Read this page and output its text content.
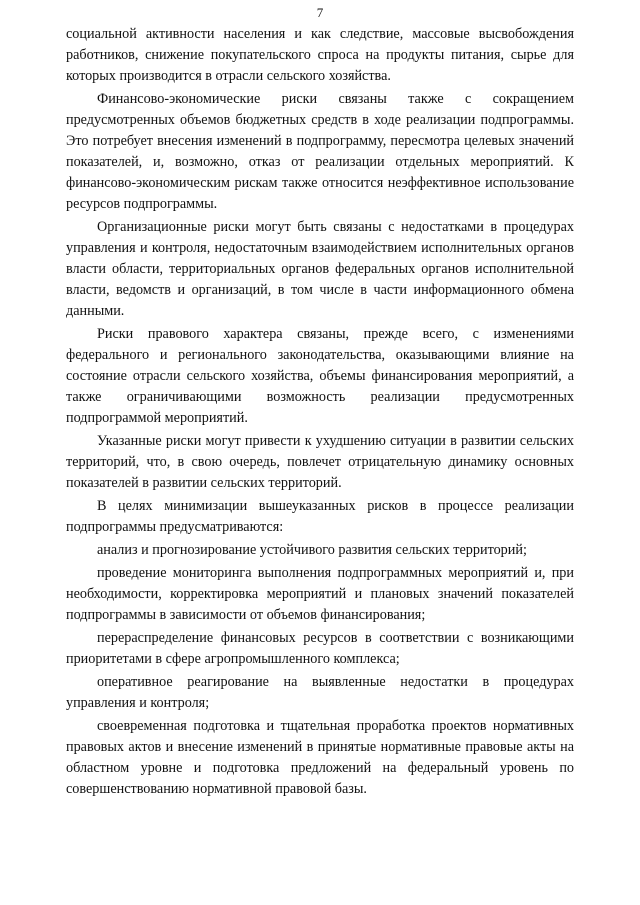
7

социальной активности населения и как следствие, массовые высвобождения работников, снижение покупательского спроса на продукты питания, сырье для которых производится в отрасли сельского хозяйства.

Финансово-экономические риски связаны также с сокращением предусмотренных объемов бюджетных средств в ходе реализации подпрограммы. Это потребует внесения изменений в подпрограмму, пересмотра целевых значений показателей, и, возможно, отказ от реализации отдельных мероприятий. К финансово-экономическим рискам также относится неэффективное использование ресурсов подпрограммы.

Организационные риски могут быть связаны с недостатками в процедурах управления и контроля, недостаточным взаимодействием исполнительных органов власти области, территориальных органов федеральных органов исполнительной власти, ведомств и организаций, в том числе в части информационного обмена данными.

Риски правового характера связаны, прежде всего, с изменениями федерального и регионального законодательства, оказывающими влияние на состояние отрасли сельского хозяйства, объемы финансирования мероприятий, а также ограничивающими возможность реализации предусмотренных подпрограммой мероприятий.

Указанные риски могут привести к ухудшению ситуации в развитии сельских территорий, что, в свою очередь, повлечет отрицательную динамику основных показателей в развитии сельских территорий.

В целях минимизации вышеуказанных рисков в процессе реализации подпрограммы предусматриваются:

анализ и прогнозирование устойчивого развития сельских территорий;

проведение мониторинга выполнения подпрограммных мероприятий и, при необходимости, корректировка мероприятий и плановых значений показателей подпрограммы в зависимости от объемов финансирования;

перераспределение финансовых ресурсов в соответствии с возникающими приоритетами в сфере агропромышленного комплекса;

оперативное реагирование на выявленные недостатки в процедурах управления и контроля;

своевременная подготовка и тщательная проработка проектов нормативных правовых актов и внесение изменений в принятые нормативные правовые акты на областном уровне и подготовка предложений на федеральный уровень по совершенствованию нормативной правовой базы.
